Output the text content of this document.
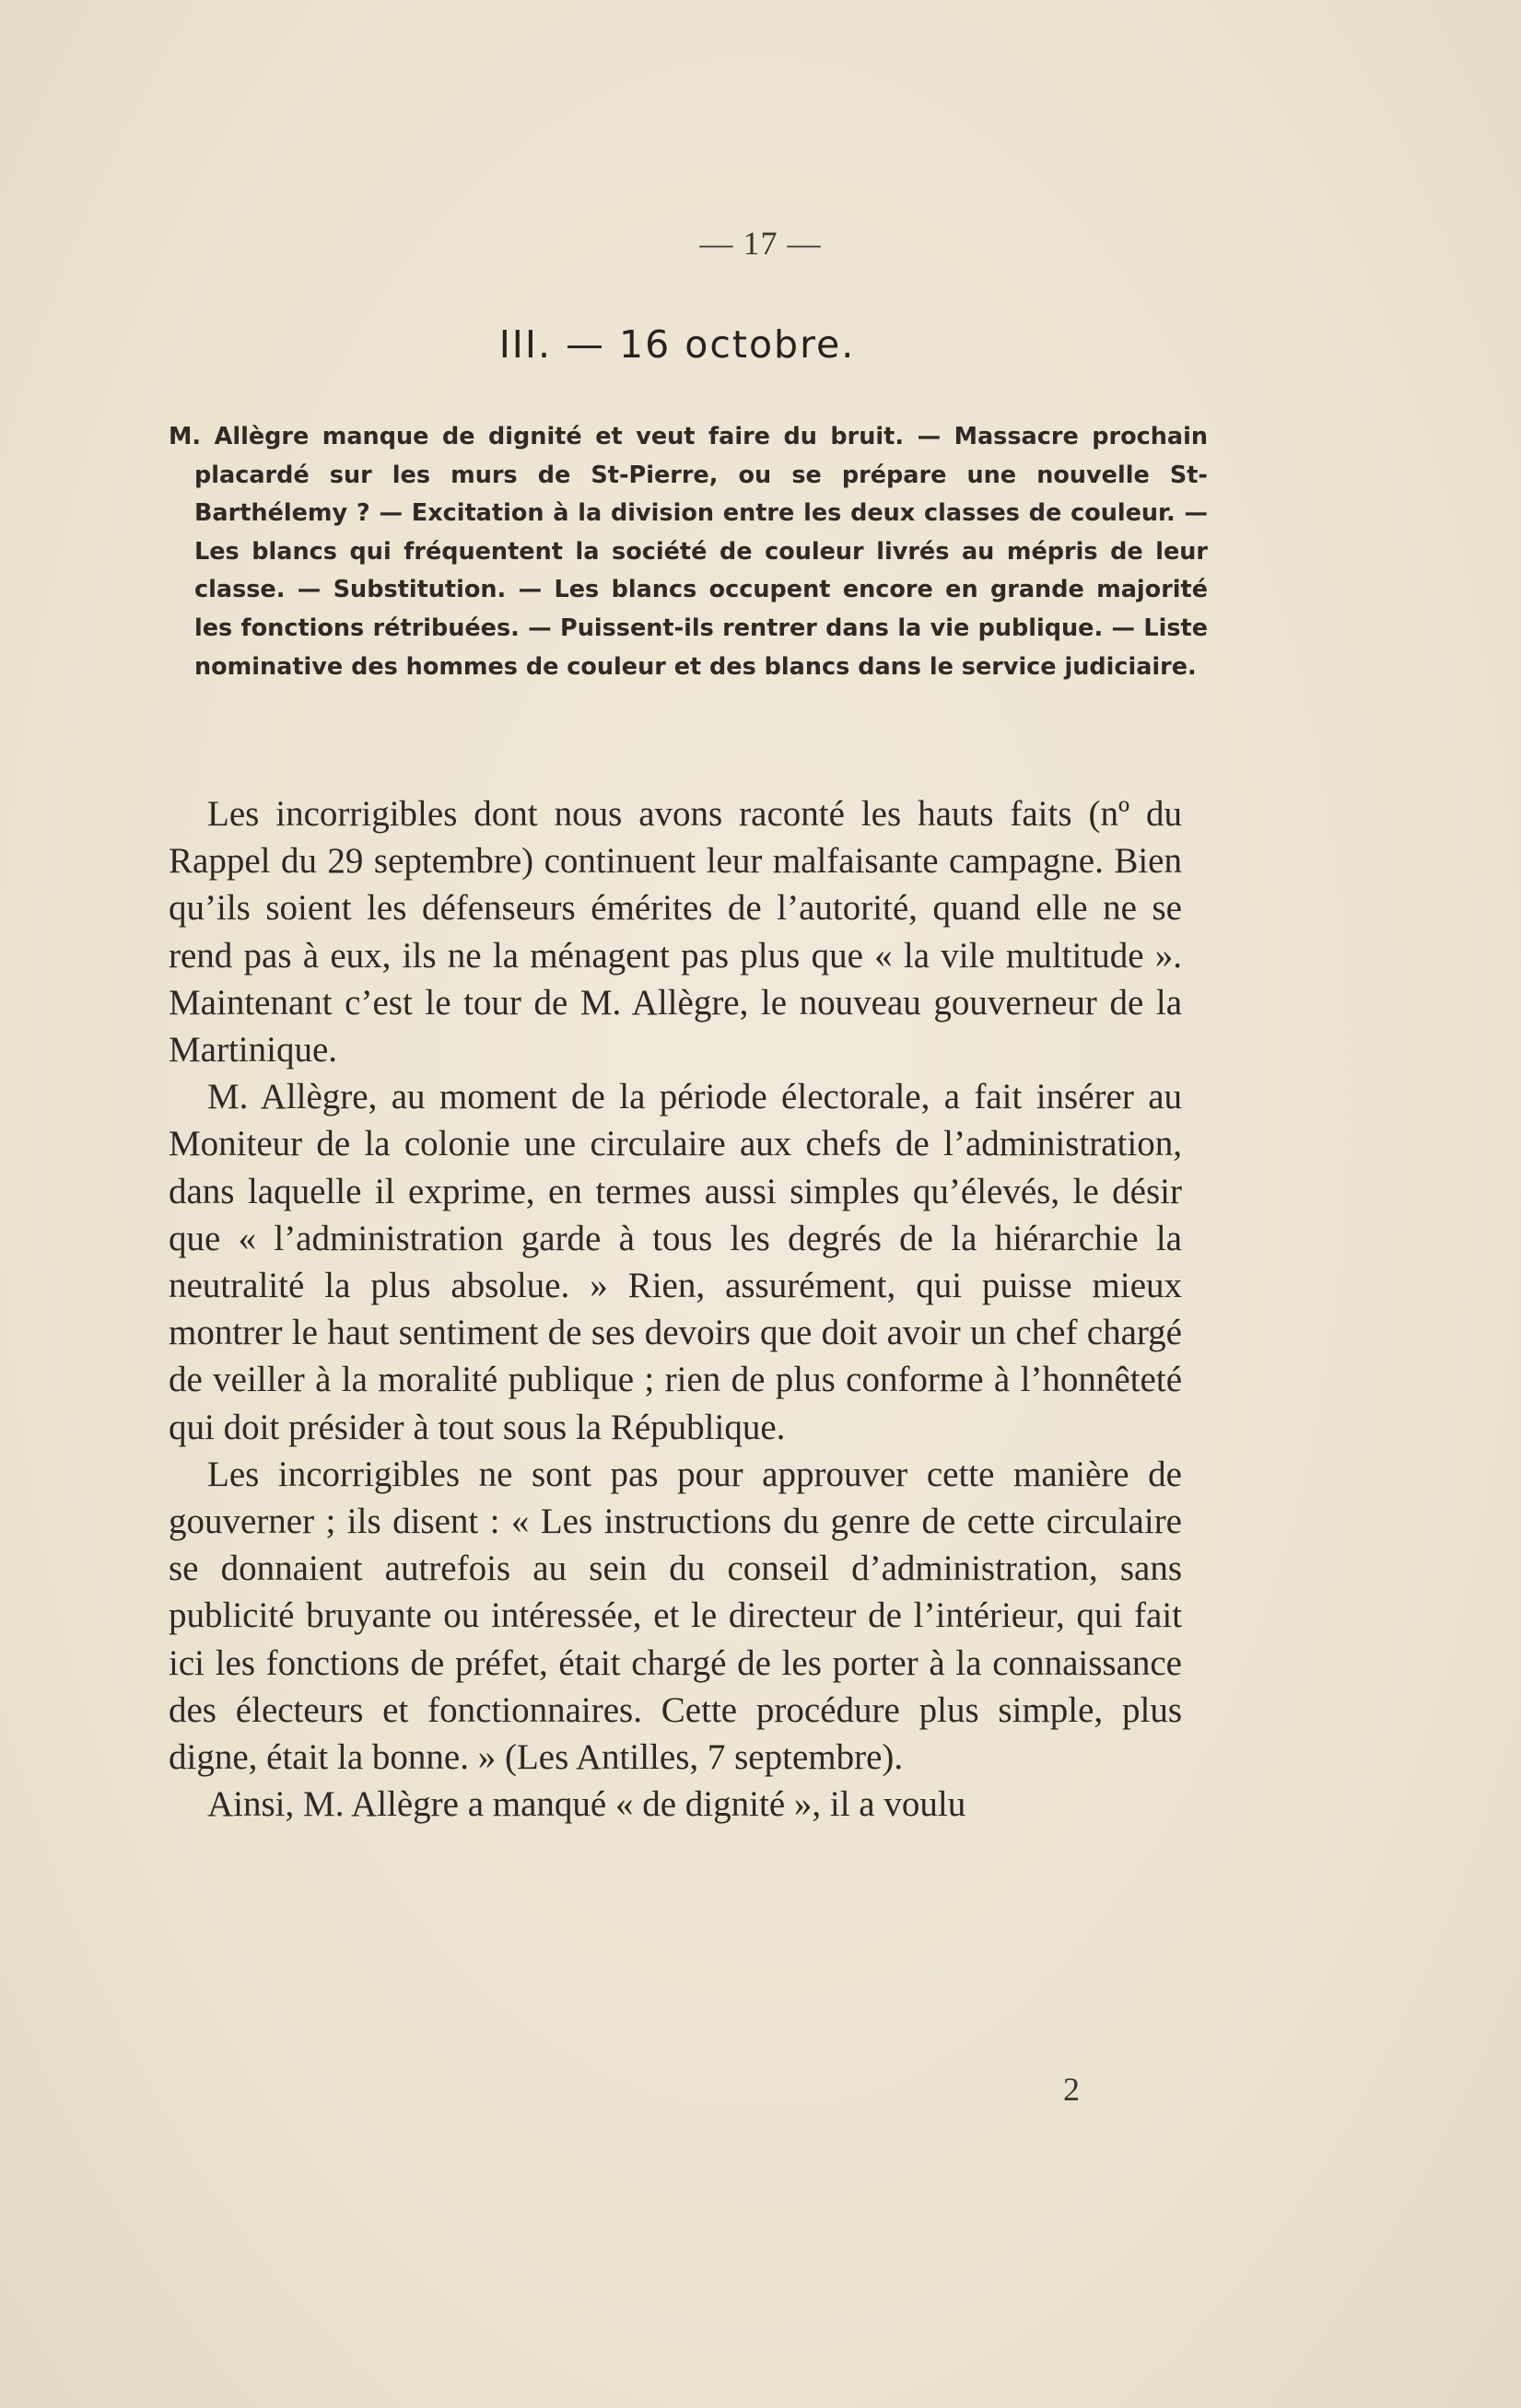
— 17 —
III. — 16 octobre.

M. Allègre manque de dignité et veut faire du bruit. — Massacre prochain placardé sur les murs de St-Pierre, ou se prépare une nouvelle St-Barthélemy ? — Excitation à la division entre les deux classes de couleur. — Les blancs qui fréquentent la société de couleur livrés au mépris de leur classe. — Substitution. — Les blancs occupent encore en grande majorité les fonctions rétribuées. — Puissent-ils rentrer dans la vie publique. — Liste nominative des hommes de couleur et des blancs dans le service judiciaire.

Les incorrigibles dont nous avons raconté les hauts faits (nº du Rappel du 29 septembre) continuent leur malfaisante campagne. Bien qu’ils soient les défenseurs émérites de l’autorité, quand elle ne se rend pas à eux, ils ne la ménagent pas plus que « la vile multitude ». Maintenant c’est le tour de M. Allègre, le nouveau gouverneur de la Martinique.

M. Allègre, au moment de la période électorale, a fait insérer au Moniteur de la colonie une circulaire aux chefs de l’administration, dans laquelle il exprime, en termes aussi simples qu’élevés, le désir que « l’administration garde à tous les degrés de la hiérarchie la neutralité la plus absolue. » Rien, assurément, qui puisse mieux montrer le haut sentiment de ses devoirs que doit avoir un chef chargé de veiller à la moralité publique ; rien de plus conforme à l’honnêteté qui doit présider à tout sous la République.

Les incorrigibles ne sont pas pour approuver cette manière de gouverner ; ils disent : « Les instructions du genre de cette circulaire se donnaient autrefois au sein du conseil d’administration, sans publicité bruyante ou intéressée, et le directeur de l’intérieur, qui fait ici les fonctions de préfet, était chargé de les porter à la connaissance des électeurs et fonctionnaires. Cette procédure plus simple, plus digne, était la bonne. » (Les Antilles, 7 septembre).

Ainsi, M. Allègre a manqué « de dignité », il a voulu

2
